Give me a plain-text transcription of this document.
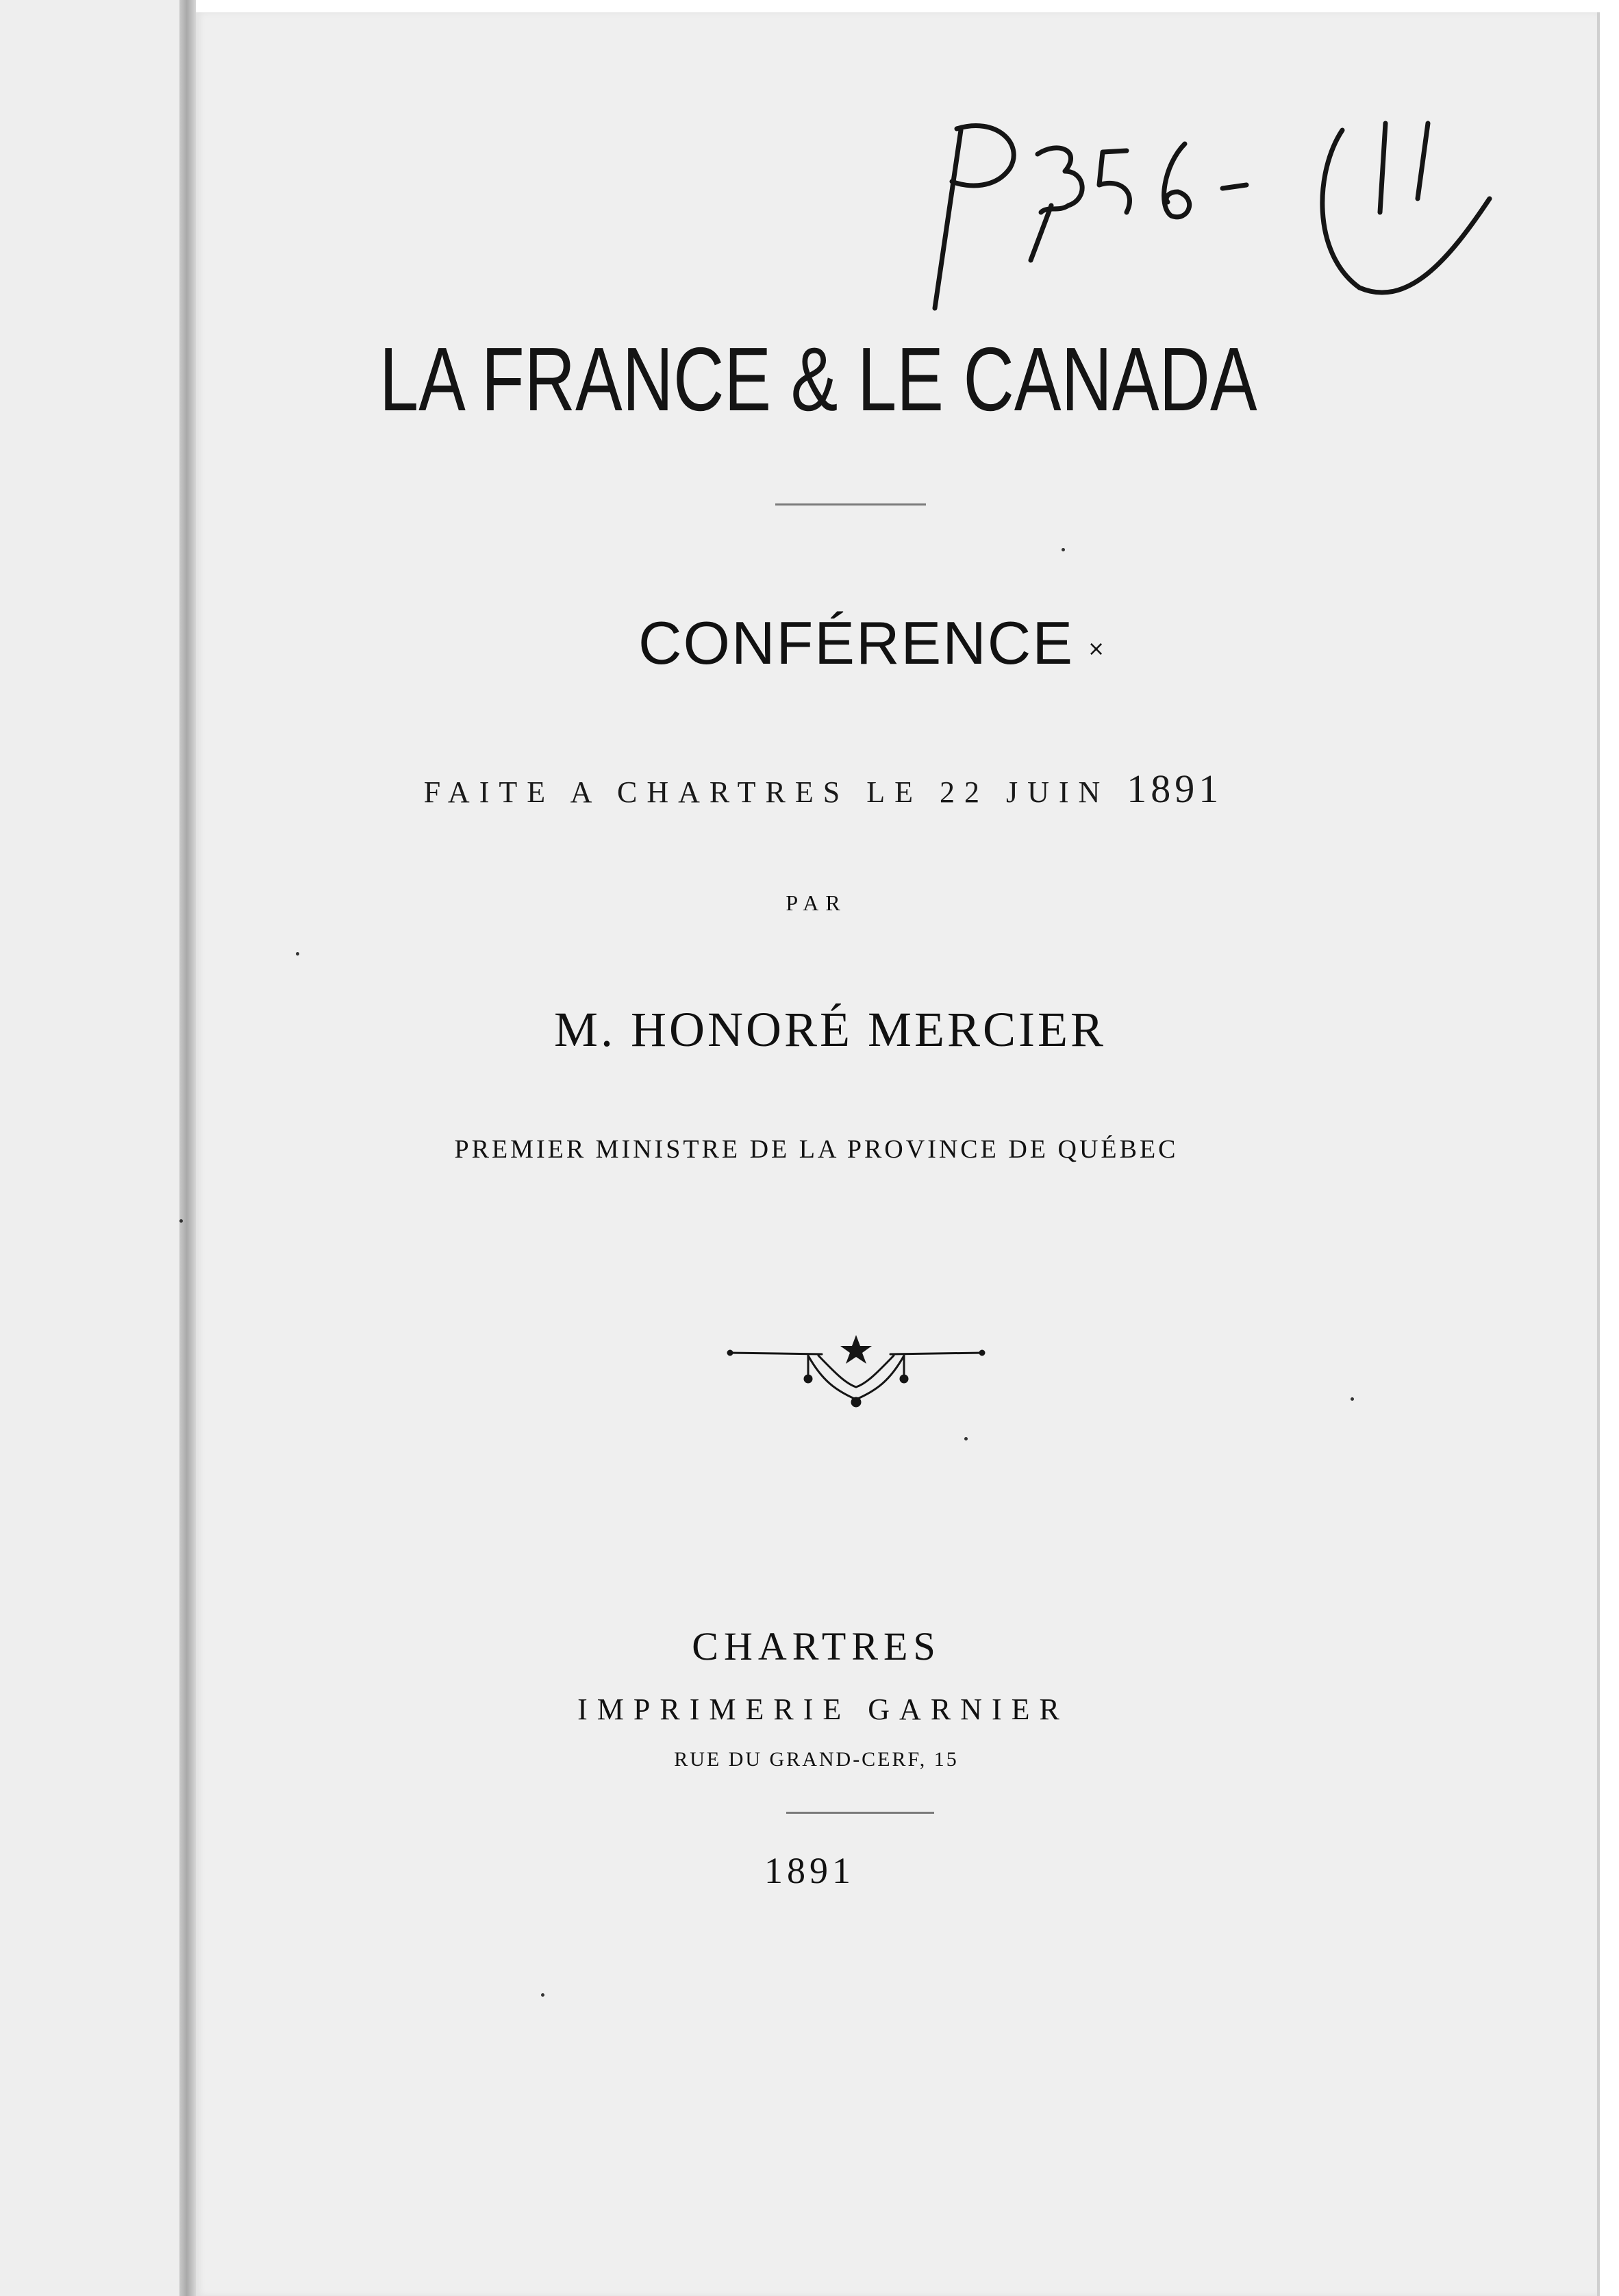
LA FRANCE & LE CANADA
CONFÉRENCE ×
FAITE A CHARTRES LE 22 JUIN 1891
PAR
M. HONORÉ MERCIER
PREMIER MINISTRE DE LA PROVINCE DE QUÉBEC
CHARTRES
IMPRIMERIE GARNIER
RUE DU GRAND-CERF, 15
1891
